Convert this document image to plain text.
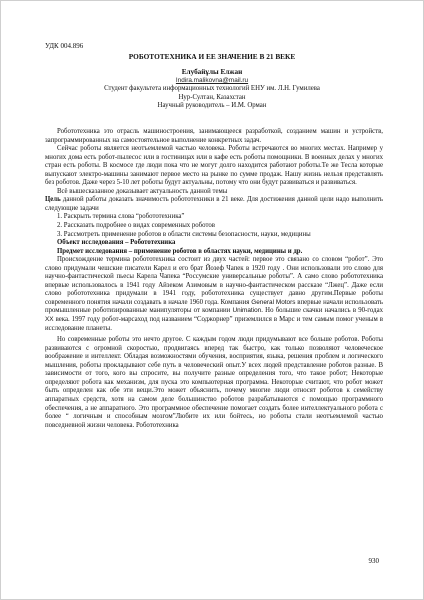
УДК 004.896
РОБОТОТЕХНИКА И ЕЕ ЗНАЧЕНИЕ В 21 ВЕКЕ
Елубайұлы Елжан
Indira.malikovna@mail.ru
Студент факультета информационных технологий ЕНУ им. Л.Н. Гумилева
Нур-Султан, Казахстан
Научный руководитель – И.М. Орман

Робототехника это отрасль машиностроения, занимающееся разработкой, созданием машин и устройств, запрограммированных на самостоятельное выполнение конкретных задач.

Сейчас роботы является неотъемлемой частью человека. Роботы встречаются во многих местах. Например у многих дома есть робот-пылесос или в гостиницах или в кафе есть роботы помощники. В военных делах у многих стран есть роботы. В космосе где люди пока что не могут долго находится работают роботы.Те же Тесла которые выпускают электро-машины занимают первое место на рынке по сумме продаж. Нашу жизнь нельзя представлять без роботов. Даже через 5-10 лет роботы будут актуальны, потому что они будут развиваться и развиваться.

Всё вышесказанное доказывает актуальность данной темы

Цель данной работы доказать значимость робототехники в 21 веке. Для достижения данной цели надо выполнить следующие задачи

1. Раскрыть термина слова “робототехника”

2. Рассказать подробнее о видах современных роботов

3. Рассмотреть применение роботов в области системы безопасности, науки, медицины

Объект исследования – Робототехника

Предмет исследования – применение роботов в областях науки, медицины и др.

Происхождение термина робототехника состоит из двух частей: первое это связано со словом “робот”. Это слово придумали чешские писатели Карел и его брат Йозеф Чапек в 1920 году . Они использовали это слово для научно-фантастической пьесы Карела Чапека “Россумские универсальные роботы”. А само слово робототехника впервые использовалось в 1941 году Айзеком Азимовым в научно-фантастическом рассказе “Лжец”. Даже если слово робототехника придумали в 1941 году, робототехника существует давно другим.Первые роботы современного понятия начали создавать в начале 1960 года. Компания General Motors впервые начали использовать промышленные роботизированные манипуляторы от компании Unimation. Но большие скачки начались в 90-годах XX века. 1997 году робот-марсаход под названием “Соджорнер” приземлился в Марс и тем самым помог ученым в исследование планеты.

Но современные роботы это нечто другое. С каждым годом люди придумывают все больше роботов. Роботы развиваются с огромной скоростью, продвигаясь вперед так быстро, как только позволяют человеческое воображение и интеллект. Обладая возможностями обучения, восприятия, языка, решения проблем и логического мышления, роботы прокладывают себе путь в человеческий опыт.У всех людей представление роботов разные. В зависимости от того, кого вы спросите, вы получите разные определения того, что такое робот; Некоторые определяют робота как механизм, для пуска это компьютерная программа. Некоторые считают, что робот может быть определен как обе эти вещи.Это может объяснить, почему многие люди относят роботов к семейству аппаратных средств, хотя на самом деле большинство роботов разрабатываются с помощью программного обеспечения, а не аппаратного. Это программное обеспечение помогает создать более интеллектуального робота с более “ логичным и способным мозгом”Любите их или бойтесь, но роботы стали неотъемлемой частью повседневной жизни человека. Робототехника

930
